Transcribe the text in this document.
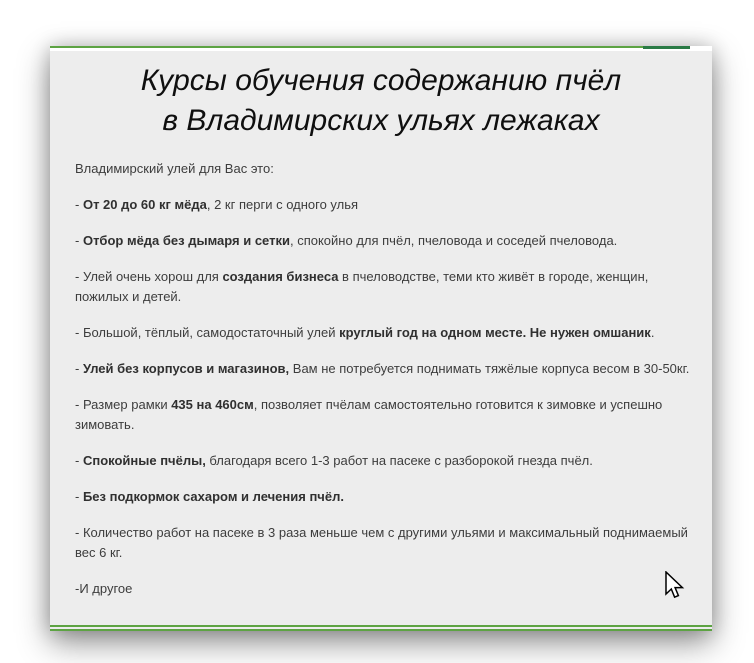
Курсы обучения содержанию пчёл
в Владимирских ульях лежаках

Владимирский улей для Вас это:

- От 20 до 60 кг мёда, 2 кг перги с одного улья

- Отбор мёда без дымаря и сетки, спокойно для пчёл, пчеловода и соседей пчеловода.

- Улей очень хорош для создания бизнеса в пчеловодстве, теми кто живёт в городе, женщин, пожилых и детей.

- Большой, тёплый, самодостаточный улей круглый год на одном месте. Не нужен омшаник.

- Улей без корпусов и магазинов, Вам не потребуется поднимать тяжёлые корпуса весом в 30-50кг.

- Размер рамки 435 на 460см, позволяет пчёлам самостоятельно готовится к зимовке и успешно зимовать.

- Спокойные пчёлы, благодаря всего 1-3 работ на пасеке с разборокой гнезда пчёл.

- Без подкормок сахаром и лечения пчёл.

- Количество работ на пасеке в 3 раза меньше чем с другими ульями и максимальный поднимаемый вес 6 кг.

-И другое
